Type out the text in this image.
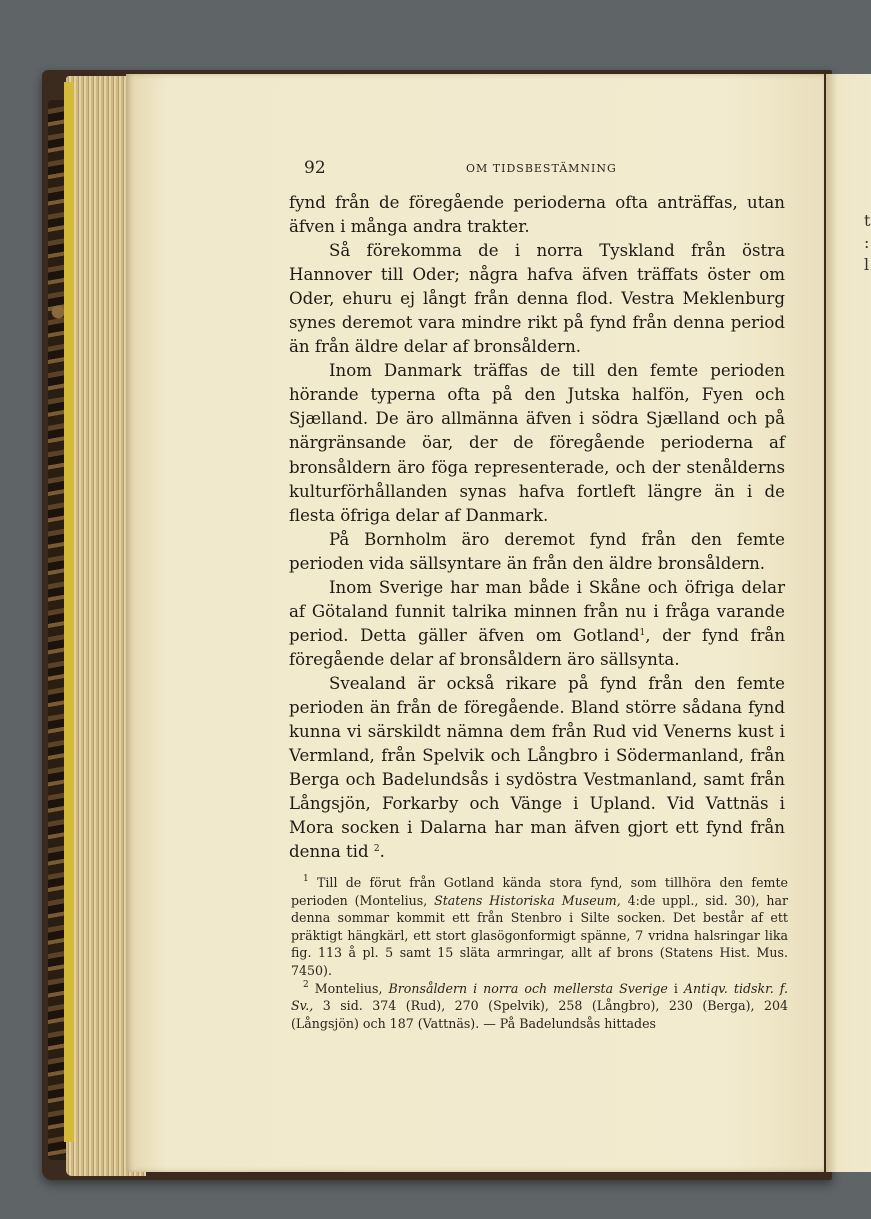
t : l
92	OM TIDSBESTÄMNING

fynd från de föregående perioderna ofta anträffas, utan äfven i många andra trakter.

Så förekomma de i norra Tyskland från östra Hannover till Oder; några hafva äfven träffats öster om Oder, ehuru ej långt från denna flod. Vestra Meklenburg synes deremot vara mindre rikt på fynd från denna period än från äldre delar af bronsåldern.

Inom Danmark träffas de till den femte perioden hörande typerna ofta på den Jutska halfön, Fyen och Sjælland. De äro allmänna äfven i södra Sjælland och på närgränsande öar, der de föregående perioderna af bronsåldern äro föga representerade, och der stenålderns kulturförhållanden synas hafva fortleft längre än i de flesta öfriga delar af Danmark.

På Bornholm äro deremot fynd från den femte perioden vida sällsyntare än från den äldre bronsåldern.

Inom Sverige har man både i Skåne och öfriga delar af Götaland funnit talrika minnen från nu i fråga varande period. Detta gäller äfven om Gotland$^1$, der fynd från föregående delar af bronsåldern äro sällsynta.

Svealand är också rikare på fynd från den femte perioden än från de föregående. Bland större sådana fynd kunna vi särskildt nämna dem från Rud vid Venerns kust i Vermland, från Spelvik och Långbro i Södermanland, från Berga och Badelundsås i sydöstra Vestmanland, samt från Långsjön, Forkarby och Vänge i Upland. Vid Vattnäs i Mora socken i Dalarna har man äfven gjort ett fynd från denna tid $^2$.

$^1$ Till de förut från Gotland kända stora fynd, som tillhöra den femte perioden (Montelius, Statens Historiska Museum, 4:de uppl., sid. 30), har denna sommar kommit ett från Stenbro i Silte socken. Det består af ett präktigt hängkärl, ett stort glasögonformigt spänne, 7 vridna halsringar lika fig. 113 å pl. 5 samt 15 släta armringar, allt af brons (Statens Hist. Mus. 7450).

$^2$ Montelius, Bronsåldern i norra och mellersta Sverige i Antiqv. tidskr. f. Sv., 3 sid. 374 (Rud), 270 (Spelvik), 258 (Långbro), 230 (Berga), 204 (Långsjön) och 187 (Vattnäs). — På Badelundsås hittades
